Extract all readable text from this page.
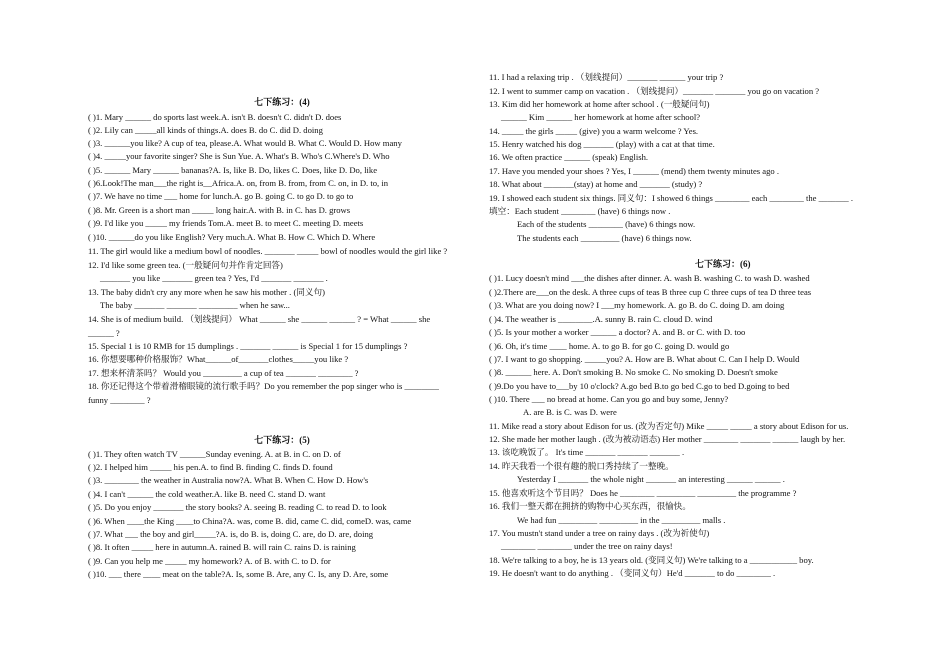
七下练习：(4)
( )1. Mary ______ do sports last week.A. isn't B. doesn't C. didn't D. does
( )2. Lily can _____all kinds of things.A. does B. do C. did D. doing
( )3. ______you like? A cup of tea, please.A. What would B. What C. Would D. How many
( )4. _____your favorite singer? She is Sun Yue. A. What's B. Who's C.Where's D. Who
( )5. ______ Mary ______ bananas?A. Is, like B. Do, likes C. Does, like D. Do, like
( )6.Look!The man___the right is__Africa.A. on, from B. from, from C. on, in D. to, in
( )7. We have no time ___ home for lunch.A. go B. going C. to go D. to go to
( )8. Mr. Green is a short man _____ long hair.A. with B. in C. has D. grows
( )9. I'd like you _____ my friends Tom.A. meet B. to meet C. meeting D. meets
( )10. ______do you like English? Very much.A. What B. How C. Which D. Where
11. The girl would like a medium bowl of noodles. _______ _____ bowl of noodles would the girl like ?
12. I'd like some green tea. (一般疑问句并作肯定回答)
_______ you like _______ green tea ? Yes, I'd _______ _______ .
13. The baby didn't cry any more when he saw his mother . (同义句)
The baby _______ _______ _________ when he saw...
14. She is of medium build. （划线提问） What ______ she ______ ______ ? = What ______ she
______ ?
15. Special 1 is 10 RMB for 15 dumplings . _______ ______ is Special 1 for 15 dumplings ?
16. 你想要哪种价格服饰？What______of_______clothes_____you like ?
17. 想来杯清茶吗？ Would you _________ a cup of tea _______ ________ ?
18. 你还记得这个带着滑稽眼镜的流行歌手吗？Do you remember the pop singer who is ________
funny ________ ?
七下练习：(5)
( )1. They often watch TV ______Sunday evening. A. at B. in C. on D. of
( )2. I helped him _____ his pen.A. to find B. finding C. finds D. found
( )3. ________ the weather in Australia now?A. What B. When C. How D. How's
( )4. I can't ______ the cold weather.A. like B. need C. stand D. want
( )5. Do you enjoy _______ the story books? A. seeing B. reading C. to read D. to look
( )6. When ____the King ____to China?A. was, come B. did, came C. did, comeD. was, came
( )7. What ___ the boy and girl_____?A. is, do B. is, doing C. are, do D. are, doing
( )8. It often _____ here in autumn.A. rained B. will rain C. rains D. is raining
( )9. Can you help me _____ my homework? A. of B. with C. to D. for
( )10. ___ there ____ meat on the table?A. Is, some B. Are, any C. Is, any D. Are, some
11. I had a relaxing trip . （划线提问）_______ ______ your trip ?
12. I went to summer camp on vacation . （划线提问）_______ _______ you go on vacation ?
13. Kim did her homework at home after school . (一般疑问句)
______ Kim ______ her homework at home after school?
14. _____ the girls _____ (give) you a warm welcome ? Yes.
15. Henry watched his dog _______ (play) with a cat at that time.
16. We often practice ______ (speak) English.
17. Have you mended your shoes ? Yes, I ______ (mend) them twenty minutes ago .
18. What about _______(stay) at home and _______ (study) ?
19. I showed each student six things. 同义句：I showed 6 things ________ each ________ the _______ .
填空：Each student ________ (have) 6 things now .
Each of the students ________ (have) 6 things now.
The students each _________ (have) 6 things now.
七下练习：(6)
( )1. Lucy doesn't mind ___the dishes after dinner. A. wash B. washing C. to wash D. washed
( )2.There are___on the desk. A three cups of teas B three cup C three cups of tea D three teas
( )3. What are you doing now? I ___my homework. A. go B. do C. doing D. am doing
( )4. The weather is ________.A. sunny B. rain C. cloud D. wind
( )5. Is your mother a worker ______ a doctor? A. and B. or C. with D. too
( )6. Oh, it's time ____ home. A. to go B. for go C. going D. would go
( )7. I want to go shopping. _____you? A. How are B. What about C. Can I help D. Would
( )8. ______ here. A. Don't smoking B. No smoke C. No smoking D. Doesn't smoke
( )9.Do you have to___by 10 o'clock? A.go bed B.to go bed C.go to bed D.going to bed
( )10. There ___ no bread at home. Can you go and buy some, Jenny?
A. are B. is C. was D. were
11. Mike read a story about Edison for us. (改为否定句) Mike _____ _____ a story about Edison for us.
12. She made her mother laugh . (改为被动语态) Her mother ________ _______ ______ laugh by her.
13. 该吃晚饭了。 It's time _______ _______ _______ .
14. 昨天我看一个很有趣的脱口秀持续了一整晚。
Yesterday I _______ the whole night _______ an interesting ______ ______ .
15. 他喜欢听这个节目吗？ Does he ________ _________ _________ the programme ?
16. 我们一整天都在拥挤的购物中心买东西，很愉快。
We had fun _________ _________ in the _________ malls .
17. You mustn't stand under a tree on rainy days . (改为祈使句)
________ ________ under the tree on rainy days!
18. We're talking to a boy, he is 13 years old. (变同义句) We're talking to a ___________ boy.
19. He doesn't want to do anything . （变同义句）He'd _______ to do ________ .
